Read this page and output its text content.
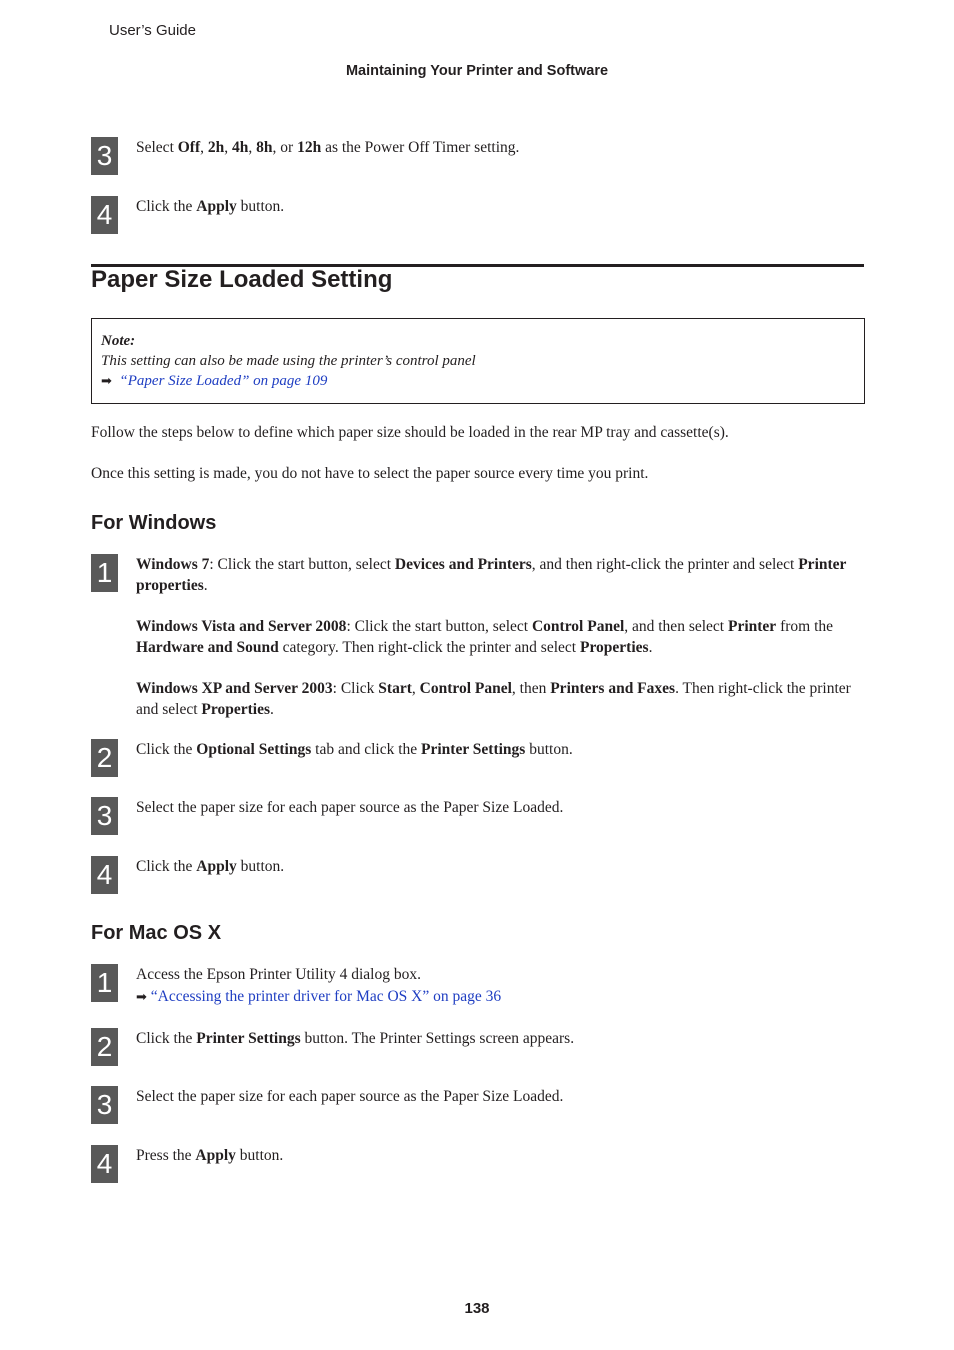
User’s Guide
Maintaining Your Printer and Software
3	Select Off, 2h, 4h, 8h, or 12h as the Power Off Timer setting.
4	Click the Apply button.
Paper Size Loaded Setting
Note:
This setting can also be made using the printer’s control panel
➡ “Paper Size Loaded” on page 109
Follow the steps below to define which paper size should be loaded in the rear MP tray and cassette(s).
Once this setting is made, you do not have to select the paper source every time you print.
For Windows
1	Windows 7: Click the start button, select Devices and Printers, and then right-click the printer and select Printer properties.
Windows Vista and Server 2008: Click the start button, select Control Panel, and then select Printer from the Hardware and Sound category. Then right-click the printer and select Properties.
Windows XP and Server 2003: Click Start, Control Panel, then Printers and Faxes. Then right-click the printer and select Properties.
2	Click the Optional Settings tab and click the Printer Settings button.
3	Select the paper size for each paper source as the Paper Size Loaded.
4	Click the Apply button.
For Mac OS X
1	Access the Epson Printer Utility 4 dialog box.
➡ “Accessing the printer driver for Mac OS X” on page 36
2	Click the Printer Settings button. The Printer Settings screen appears.
3	Select the paper size for each paper source as the Paper Size Loaded.
4	Press the Apply button.
138
